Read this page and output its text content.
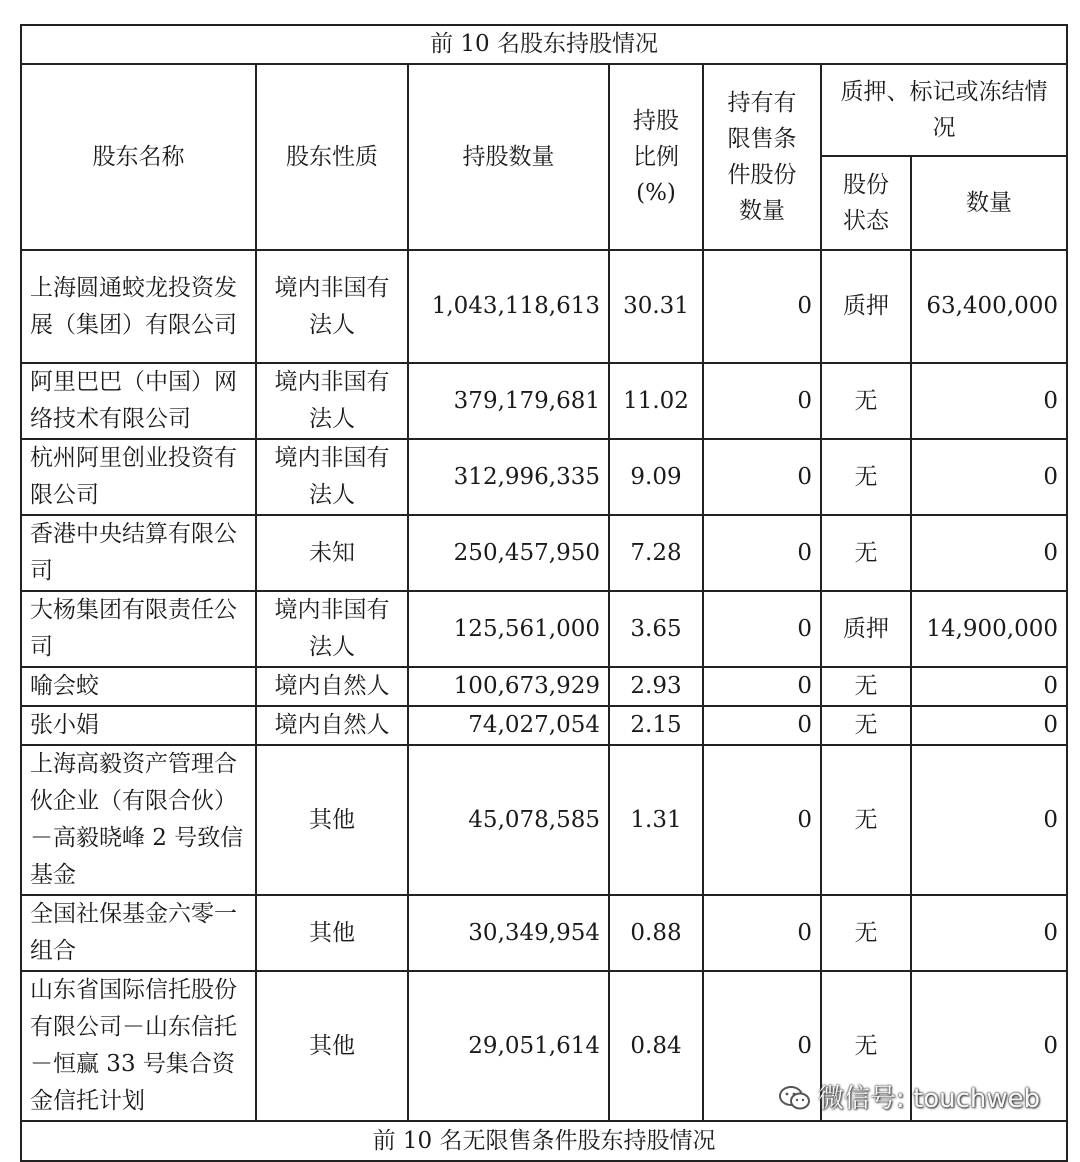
前 10 名股东持股情况						
股东名称	股东性质	持股数量	持股比例(%)	持有有限售条件股份数量	质押、标记或冻结情况	
					股份状态	数量
上海圆通蛟龙投资发展（集团）有限公司	境内非国有法人	1,043,118,613	30.31	0	质押	63,400,000
阿里巴巴（中国）网络技术有限公司	境内非国有法人	379,179,681	11.02	0	无	0
杭州阿里创业投资有限公司	境内非国有法人	312,996,335	9.09	0	无	0
香港中央结算有限公司	未知	250,457,950	7.28	0	无	0
大杨集团有限责任公司	境内非国有法人	125,561,000	3.65	0	质押	14,900,000
喻会蛟	境内自然人	100,673,929	2.93	0	无	0
张小娟	境内自然人	74,027,054	2.15	0	无	0
上海高毅资产管理合伙企业（有限合伙）－高毅晓峰 2 号致信基金	其他	45,078,585	1.31	0	无	0
全国社保基金六零一组合	其他	30,349,954	0.88	0	无	0
山东省国际信托股份有限公司－山东信托－恒赢 33 号集合资金信托计划	其他	29,051,614	0.84	0	无	0
前 10 名无限售条件股东持股情况						
微信号: touchweb
